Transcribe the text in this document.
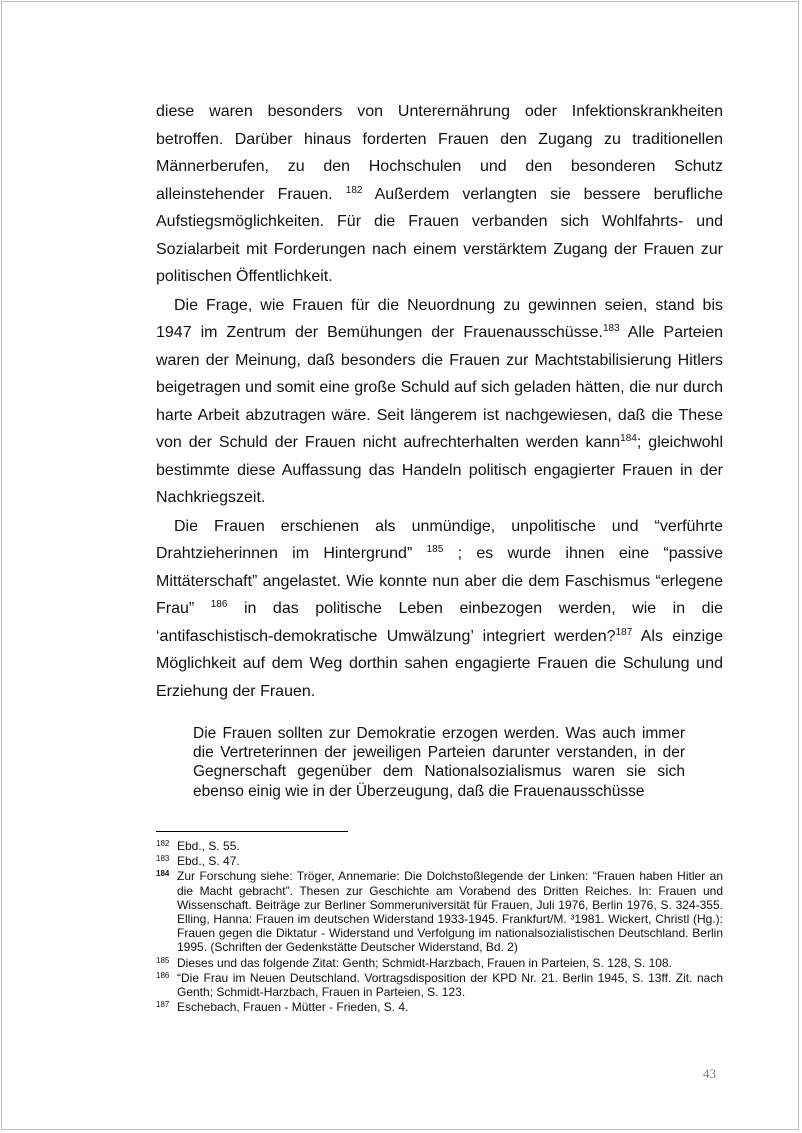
diese waren besonders von Unterernährung oder Infektionskrankheiten betroffen. Darüber hinaus forderten Frauen den Zugang zu traditionellen Männerberufen, zu den Hochschulen und den besonderen Schutz alleinstehender Frauen. $^{182}$ Außerdem verlangten sie bessere berufliche Aufstiegsmöglichkeiten. Für die Frauen verbanden sich Wohlfahrts- und Sozialarbeit mit Forderungen nach einem verstärktem Zugang der Frauen zur politischen Öffentlichkeit.

Die Frage, wie Frauen für die Neuordnung zu gewinnen seien, stand bis 1947 im Zentrum der Bemühungen der Frauenausschüsse.$^{183}$ Alle Parteien waren der Meinung, daß besonders die Frauen zur Machtstabilisierung Hitlers beigetragen und somit eine große Schuld auf sich geladen hätten, die nur durch harte Arbeit abzutragen wäre. Seit längerem ist nachgewiesen, daß die These von der Schuld der Frauen nicht aufrechterhalten werden kann$^{184}$; gleichwohl bestimmte diese Auffassung das Handeln politisch engagierter Frauen in der Nachkriegszeit.

Die Frauen erschienen als unmündige, unpolitische und “verführte Drahtzieherinnen im Hintergrund” $^{185}$ ; es wurde ihnen eine “passive Mittäterschaft” angelastet. Wie konnte nun aber die dem Faschismus “erlegene Frau” $^{186}$ in das politische Leben einbezogen werden, wie in die ‘antifaschistisch-demokratische Umwälzung’ integriert werden?$^{187}$ Als einzige Möglichkeit auf dem Weg dorthin sahen engagierte Frauen die Schulung und Erziehung der Frauen.

Die Frauen sollten zur Demokratie erzogen werden. Was auch immer die Vertreterinnen der jeweiligen Parteien darunter verstanden, in der Gegnerschaft gegenüber dem Nationalsozialismus waren sie sich ebenso einig wie in der Überzeugung, daß die Frauenausschüsse
182 Ebd., S. 55.
183 Ebd., S. 47.
184 Zur Forschung siehe: Tröger, Annemarie: Die Dolchstoßlegende der Linken: “Frauen haben Hitler an die Macht gebracht”. Thesen zur Geschichte am Vorabend des Dritten Reiches. In: Frauen und Wissenschaft. Beiträge zur Berliner Sommeruniversität für Frauen, Juli 1976, Berlin 1976, S. 324-355. Elling, Hanna: Frauen im deutschen Widerstand 1933-1945. Frankfurt/M. ³1981. Wickert, Christl (Hg.): Frauen gegen die Diktatur - Widerstand und Verfolgung im nationalsozialistischen Deutschland. Berlin 1995. (Schriften der Gedenkstätte Deutscher Widerstand, Bd. 2)
185 Dieses und das folgende Zitat: Genth; Schmidt-Harzbach, Frauen in Parteien, S. 128, S. 108.
186 “Die Frau im Neuen Deutschland. Vortragsdisposition der KPD Nr. 21. Berlin 1945, S. 13ff. Zit. nach Genth; Schmidt-Harzbach, Frauen in Parteien, S. 123.
187 Eschebach, Frauen - Mütter - Frieden, S. 4.
43
